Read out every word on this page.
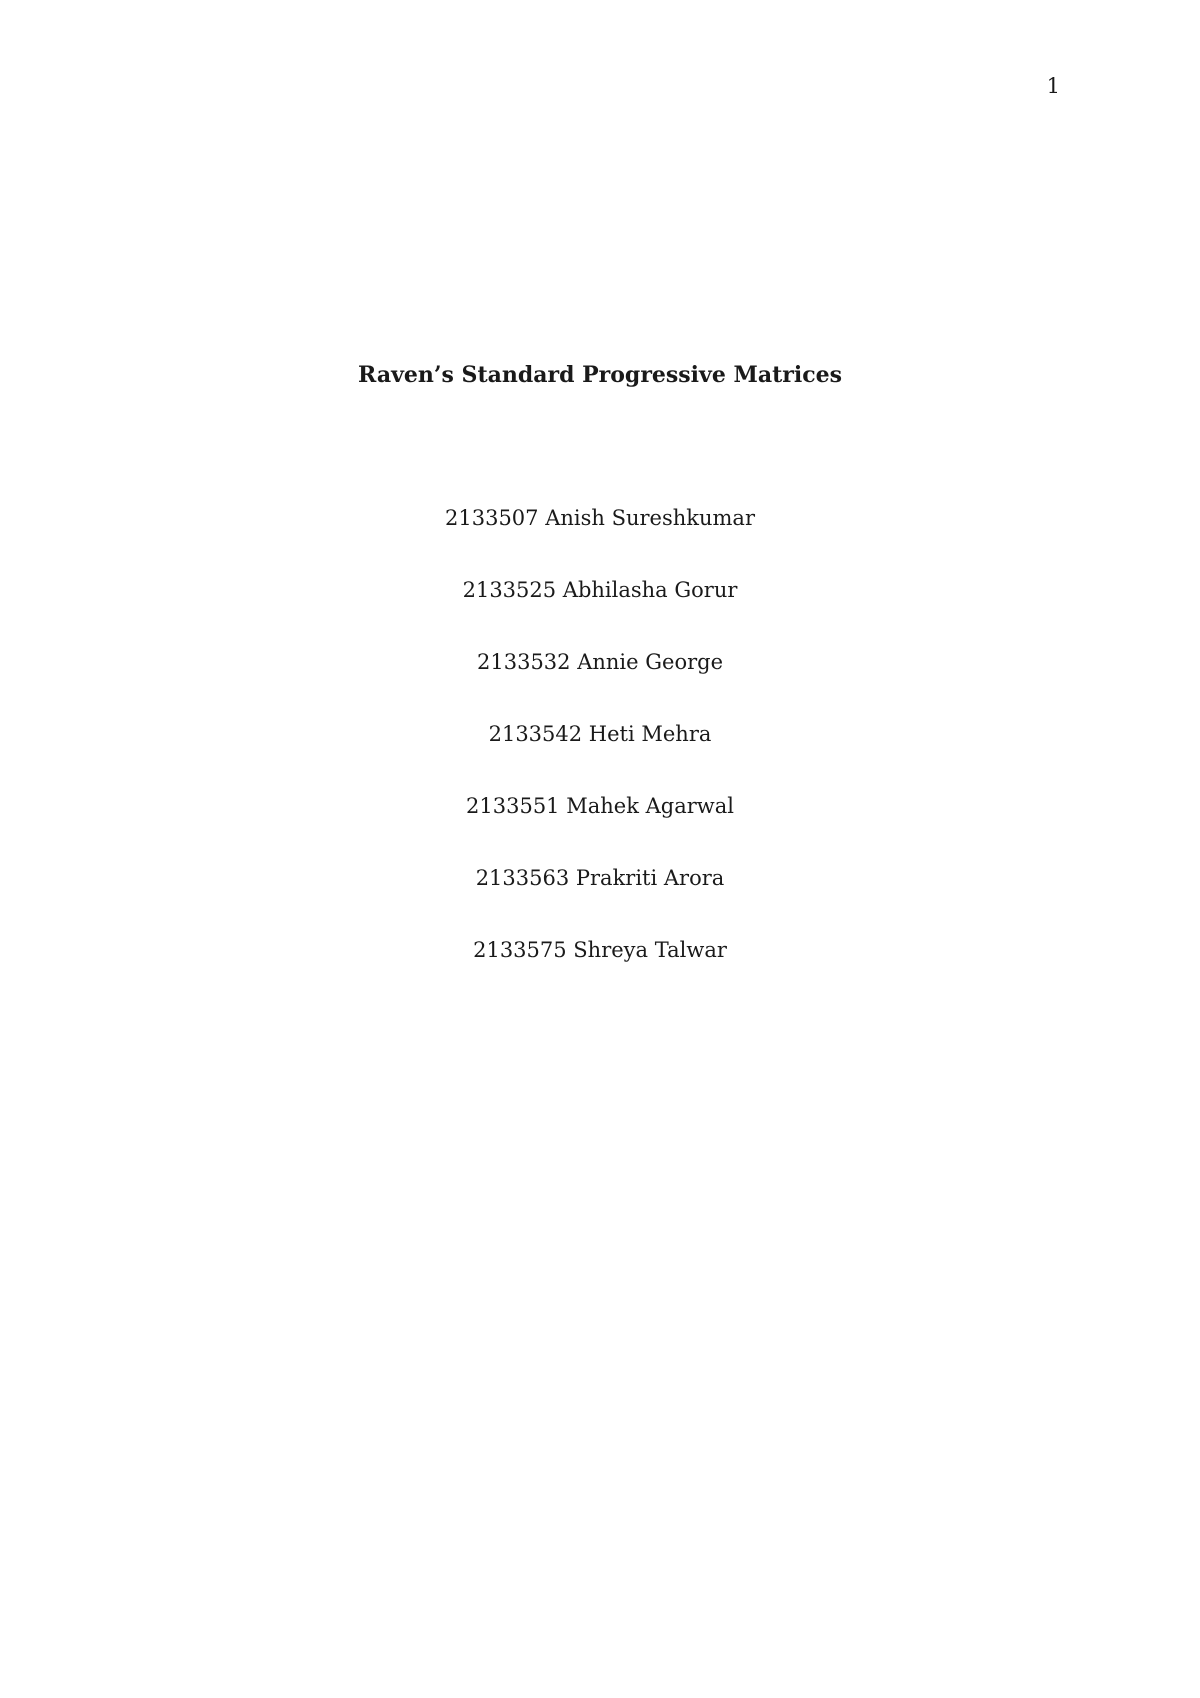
1
Raven’s Standard Progressive Matrices
2133507 Anish Sureshkumar
2133525 Abhilasha Gorur
2133532 Annie George
2133542 Heti Mehra
2133551 Mahek Agarwal
2133563 Prakriti Arora
2133575 Shreya Talwar
